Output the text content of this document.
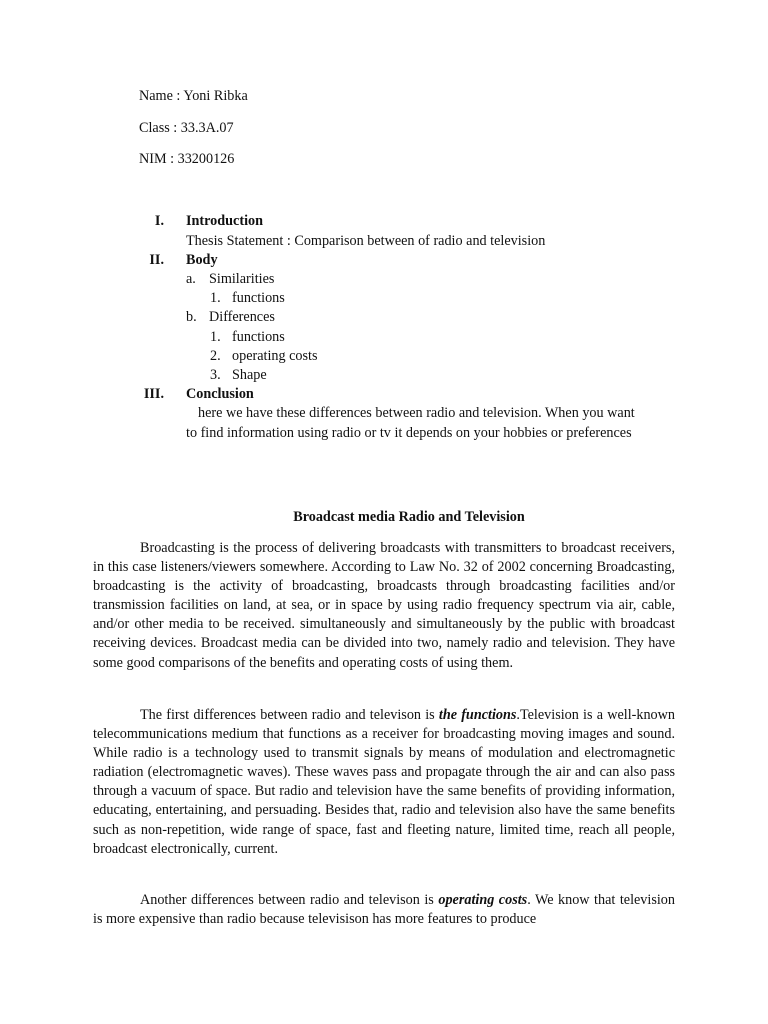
Name : Yoni Ribka
Class : 33.3A.07
NIM : 33200126
I. Introduction
Thesis Statement : Comparison between of radio and television
II. Body
a. Similarities
1. functions
b. Differences
1. functions
2. operating costs
3. Shape
III. Conclusion
here we have these differences between radio and television. When you want
to find information using radio or tv it depends on your hobbies or preferences
Broadcast media Radio and Television

Broadcasting is the process of delivering broadcasts with transmitters to broadcast receivers, in this case listeners/viewers somewhere. According to Law No. 32 of 2002 concerning Broadcasting, broadcasting is the activity of broadcasting, broadcasts through broadcasting facilities and/or transmission facilities on land, at sea, or in space by using radio frequency spectrum via air, cable, and/or other media to be received. simultaneously and simultaneously by the public with broadcast receiving devices. Broadcast media can be divided into two, namely radio and television. They have some good comparisons of the benefits and operating costs of using them.

The first differences between radio and televison is the functions.Television is a well-known telecommunications medium that functions as a receiver for broadcasting moving images and sound. While radio is a technology used to transmit signals by means of modulation and electromagnetic radiation (electromagnetic waves). These waves pass and propagate through the air and can also pass through a vacuum of space. But radio and television have the same benefits of providing information, educating, entertaining, and persuading. Besides that, radio and television also have the same benefits such as non-repetition, wide range of space, fast and fleeting nature, limited time, reach all people, broadcast electronically, current.

Another differences between radio and televison is operating costs. We know that television is more expensive than radio because televisison has more features to produce
